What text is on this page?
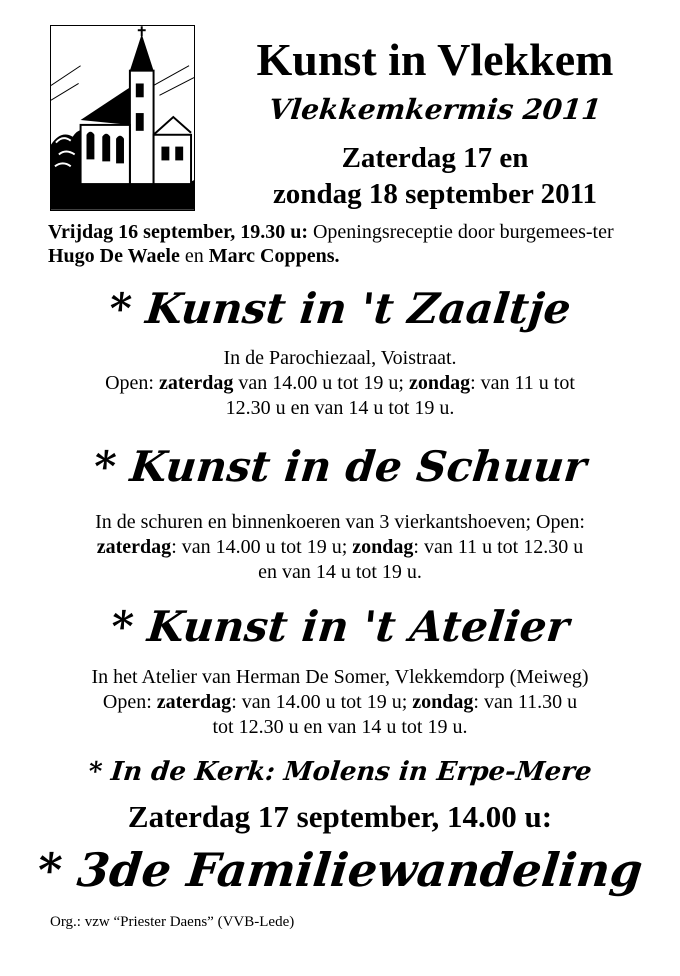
Kunst in Vlekkem
Vlekkemkermis 2011
Zaterdag 17 en
zondag 18 september 2011
Vrijdag 16 september, 19.30 u: Openingsreceptie door burgemees-ter Hugo De Waele en Marc Coppens.
* Kunst in 't Zaaltje
In de Parochiezaal, Voistraat.
Open: zaterdag van 14.00 u tot 19 u; zondag: van 11 u tot
12.30 u en van 14 u tot 19 u.
* Kunst in de Schuur
In de schuren en binnenkoeren van 3 vierkantshoeven; Open:
zaterdag: van 14.00 u tot 19 u; zondag: van 11 u tot 12.30 u
en van 14 u tot 19 u.
* Kunst in 't Atelier
In het Atelier van Herman De Somer, Vlekkemdorp (Meiweg)
Open: zaterdag: van 14.00 u tot 19 u; zondag: van 11.30 u
tot 12.30 u en van 14 u tot 19 u.
* In de Kerk: Molens in Erpe-Mere
Zaterdag 17 september, 14.00 u:
* 3de Familiewandeling
Org.: vzw “Priester Daens” (VVB-Lede)
